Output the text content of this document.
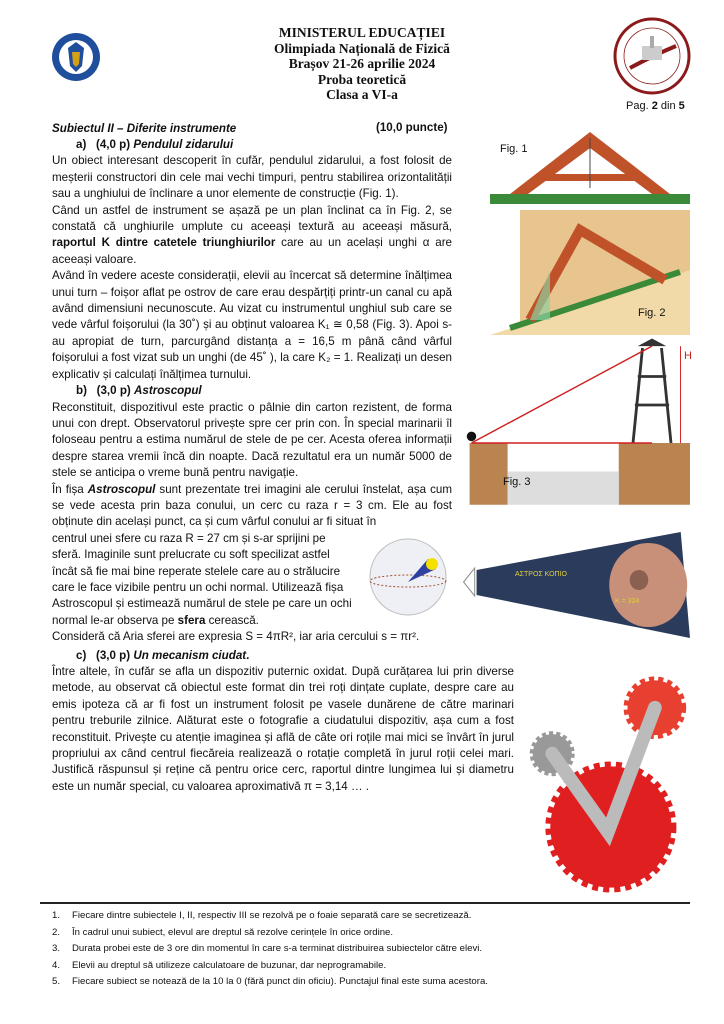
MINISTERUL EDUCAȚIEI
Olimpiada Națională de Fizică
Brașov 21-26 aprilie 2024
Proba teoretică
Clasa a VI-a
Pag. 2 din 5
Subiectul II – Diferite instrumente	(10,0 puncte)

a) (4,0 p) Pendulul zidarului

Un obiect interesant descoperit în cufăr, pendulul zidarului, a fost folosit de meșterii constructori din cele mai vechi timpuri, pentru stabilirea orizontalității sau a unghiului de înclinare a unor elemente de construcție (Fig. 1).

Când un astfel de instrument se așază pe un plan înclinat ca în Fig. 2, se constată că unghiurile umplute cu aceeași textură au aceeași măsură, raportul K dintre catetele triunghiurilor care au un același unghi α are aceeași valoare.

Având în vedere aceste considerații, elevii au încercat să determine înălțimea unui turn – foișor aflat pe ostrov de care erau despărțiți printr-un canal cu apă având dimensiuni necunoscute. Au vizat cu instrumentul unghiul sub care se vede vârful foișorului (la 30˚) și au obținut valoarea K₁ ≅ 0,58 (Fig. 3). Apoi s-au apropiat de turn, parcurgând distanța a = 16,5 m până când vârful foișorului a fost vizat sub un unghi (de 45˚ ), la care K₂ = 1. Realizați un desen explicativ și calculați înălțimea turnului.

b) (3,0 p) Astroscopul

Reconstituit, dispozitivul este practic o pâlnie din carton rezistent, de forma unui con drept. Observatorul privește spre cer prin con. În special marinarii îl foloseau pentru a estima numărul de stele de pe cer. Acesta oferea informații despre starea vremii încă din noapte. Dacă rezultatul era un număr 5000 de stele se anticipa o vreme bună pentru navigație.

În fișa Astroscopul sunt prezentate trei imagini ale cerului înstelat, așa cum se vede acesta prin baza conului, un cerc cu raza r = 3 cm. Ele au fost obținute din același punct, ca și cum vârful conului ar fi situat în

centrul unei sfere cu raza R = 27 cm și s-ar sprijini pe sferă. Imaginile sunt prelucrate cu soft specilizat astfel încât să fie mai bine reperate stelele care au o strălucire care le face vizibile pentru un ochi normal. Utilizează fișa Astroscopul și estimează numărul de stele pe care un ochi normal le-ar observa pe sfera cerească.

Consideră că Aria sferei are expresia S = 4πR², iar aria cercului s = πr².

c) (3,0 p) Un mecanism ciudat.

Între altele, în cufăr se afla un dispozitiv puternic oxidat. După curățarea lui prin diverse metode, au observat că obiectul este format din trei roți dințate cuplate, despre care au emis ipoteza că ar fi fost un instrument folosit pe vasele dunărene de către marinari pentru treburile zilnice. Alăturat este o fotografie a ciudatului dispozitiv, așa cum a fost reconstituit. Privește cu atenție imaginea și află de câte ori roțile mai mici se învârt în jurul propriului ax când centrul fiecăreia realizează o rotație completă în jurul roții celei mari. Justifică răspunsul și reține că pentru orice cerc, raportul dintre lungimea lui și diametru este un număr special, cu valoarea aproximativă π = 3,14 … .

Fig. 1
Fig. 2
H
Fig. 3
ΑΣΤΡΟΣ ΚΟΠΙΟ
K = 324
1. Fiecare dintre subiectele I, II, respectiv III se rezolvă pe o foaie separată care se secretizează.
2. În cadrul unui subiect, elevul are dreptul să rezolve cerințele în orice ordine.
3. Durata probei este de 3 ore din momentul în care s-a terminat distribuirea subiectelor către elevi.
4. Elevii au dreptul să utilizeze calculatoare de buzunar, dar neprogramabile.
5. Fiecare subiect se notează de la 10 la 0 (fără punct din oficiu). Punctajul final este suma acestora.
